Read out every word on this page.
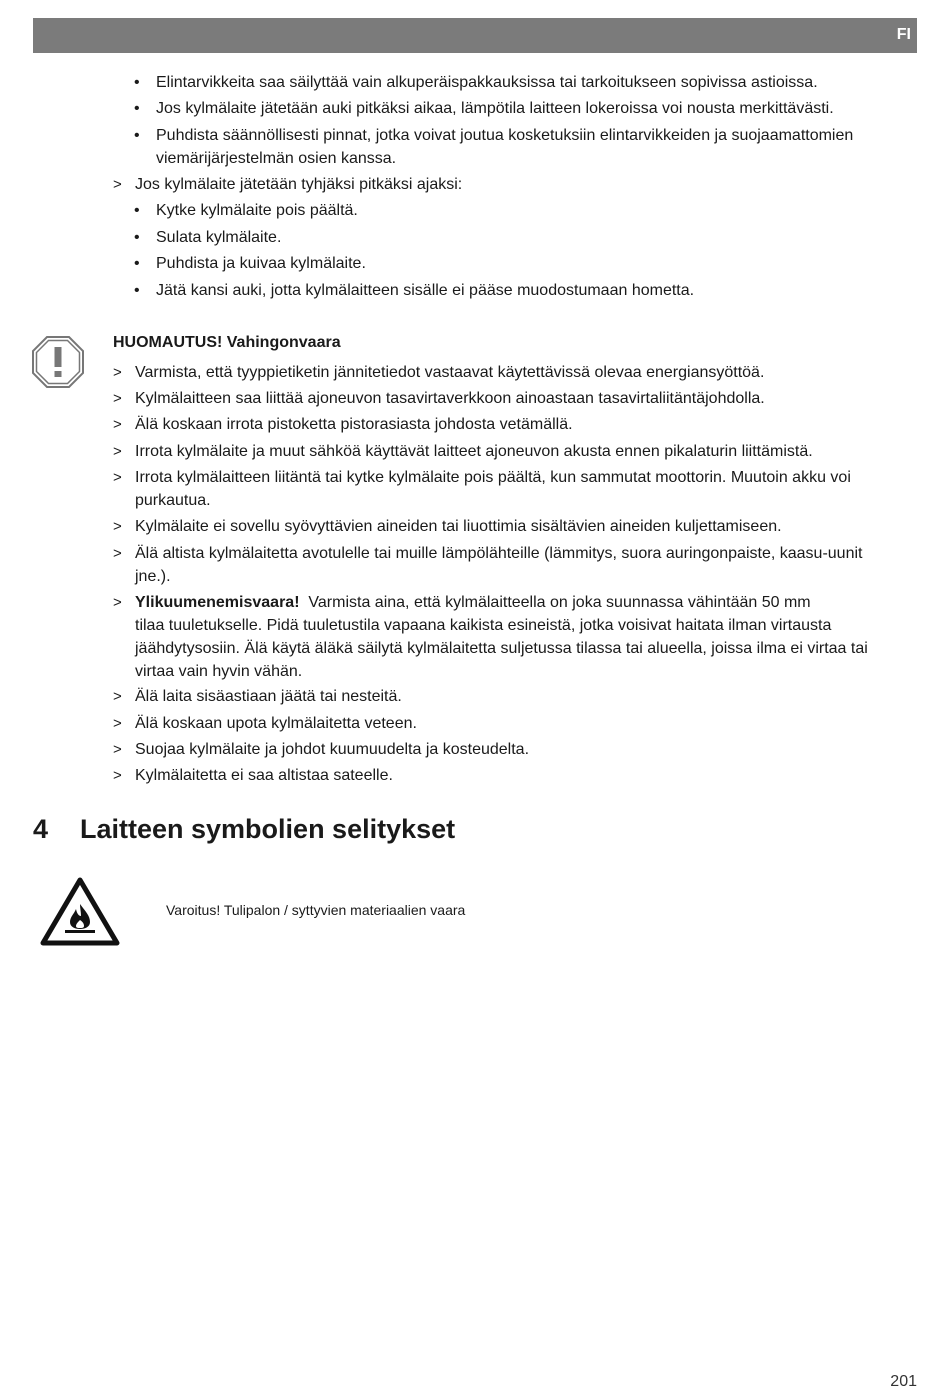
FI
• Elintarvikkeita saa säilyttää vain alkuperäispakkauksissa tai tarkoitukseen sopivissa astioissa.
• Jos kylmälaite jätetään auki pitkäksi aikaa, lämpötila laitteen lokeroissa voi nousta merkittävästi.
• Puhdista säännöllisesti pinnat, jotka voivat joutua kosketuksiin elintarvikkeiden ja suojaamattomien
viemärijärjestelmän osien kanssa.
> Jos kylmälaite jätetään tyhjäksi pitkäksi ajaksi:
• Kytke kylmälaite pois päältä.
• Sulata kylmälaite.
• Puhdista ja kuivaa kylmälaite.
• Jätä kansi auki, jotta kylmälaitteen sisälle ei pääse muodostumaan hometta.
HUOMAUTUS! Vahingonvaara
> Varmista, että tyyppietiketin jännitetiedot vastaavat käytettävissä olevaa energiansyöttöä.
> Kylmälaitteen saa liittää ajoneuvon tasavirtaverkkoon ainoastaan tasavirtaliitäntäjohdolla.
> Älä koskaan irrota pistoketta pistorasiasta johdosta vetämällä.
> Irrota kylmälaite ja muut sähköä käyttävät laitteet ajoneuvon akusta ennen pikalaturin liittämistä.
> Irrota kylmälaitteen liitäntä tai kytke kylmälaite pois päältä, kun sammutat moottorin. Muutoin akku voi
purkautua.
> Kylmälaite ei sovellu syövyttävien aineiden tai liuottimia sisältävien aineiden kuljettamiseen.
> Älä altista kylmälaitetta avotulelle tai muille lämpölähteille (lämmitys, suora auringonpaiste, kaasu-uunit
jne.).
> Ylikuumenemisvaara! Varmista aina, että kylmälaitteella on joka suunnassa vähintään 50 mm
tilaa tuuletukselle. Pidä tuuletustila vapaana kaikista esineistä, jotka voisivat haitata ilman virtausta
jäähdytysosiin. Älä käytä äläkä säilytä kylmälaitetta suljetussa tilassa tai alueella, joissa ilma ei virtaa tai
virtaa vain hyvin vähän.
> Älä laita sisäastiaan jäätä tai nesteitä.
> Älä koskaan upota kylmälaitetta veteen.
> Suojaa kylmälaite ja johdot kuumuudelta ja kosteudelta.
> Kylmälaitetta ei saa altistaa sateelle.
4 Laitteen symbolien selitykset
Varoitus! Tulipalon / syttyvien materiaalien vaara
201
